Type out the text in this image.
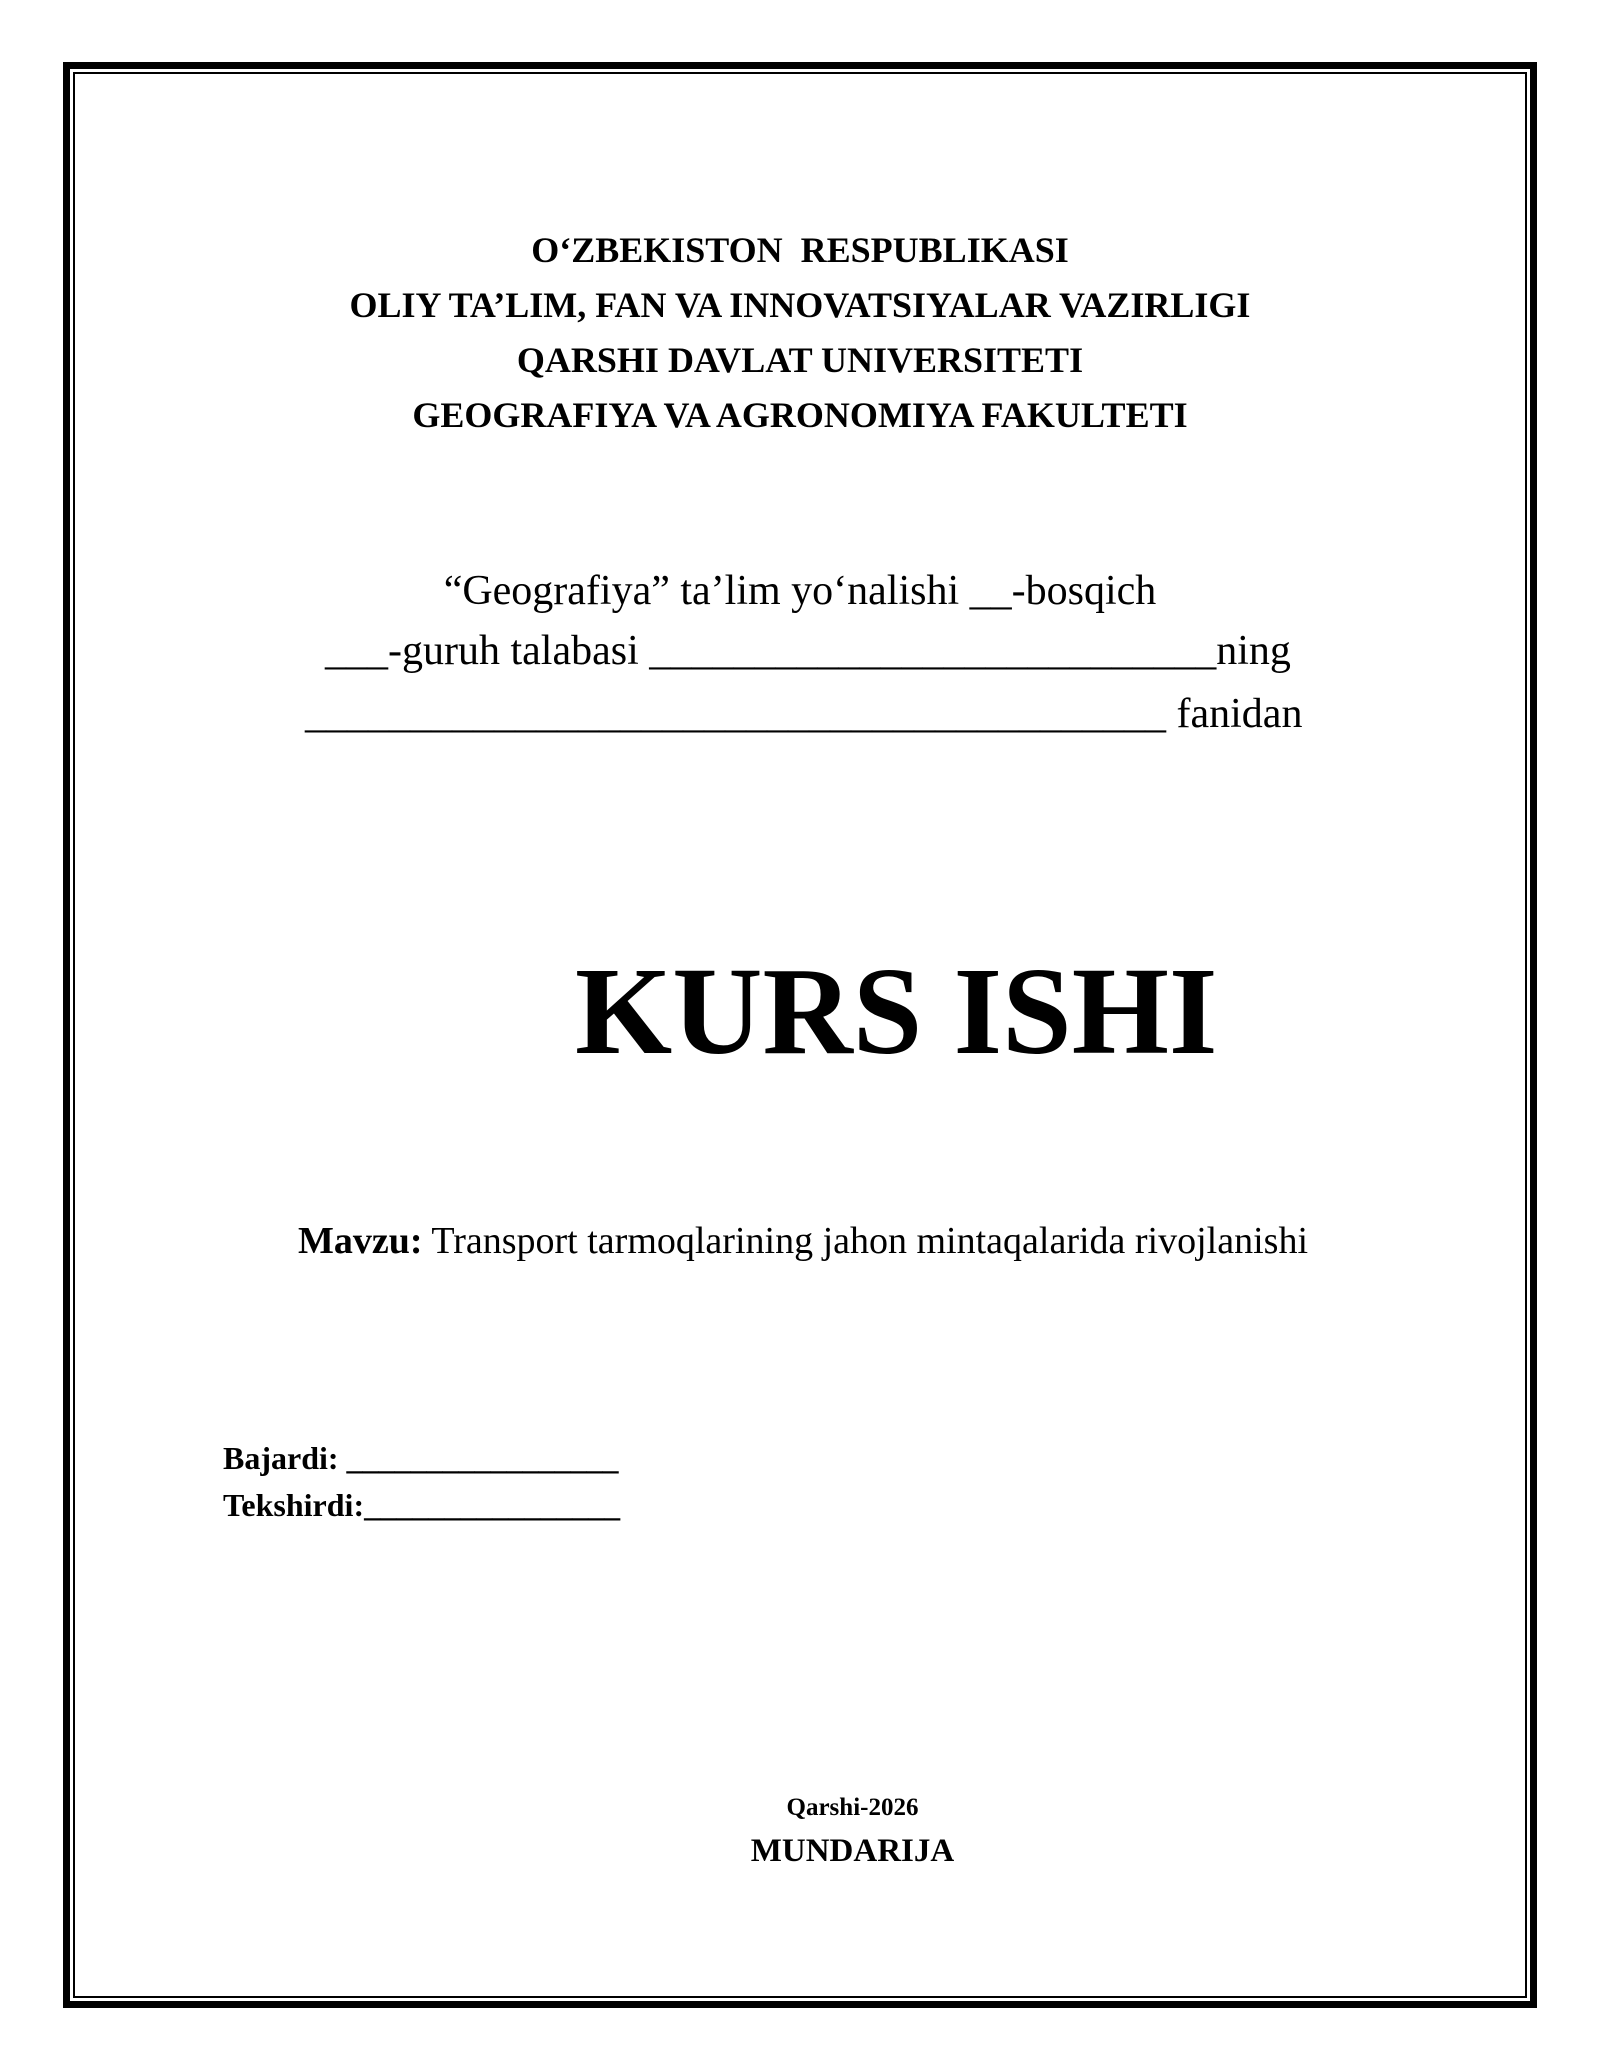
O‘ZBEKISTON  RESPUBLIKASI
OLIY TA’LIM, FAN VA INNOVATSIYALAR VAZIRLIGI
QARSHI DAVLAT UNIVERSITETI
GEOGRAFIYA VA AGRONOMIYA FAKULTETI
“Geografiya” ta’lim yo‘nalishi __-bosqich
___-guruh talabasi ___________________________ning
_________________________________________ fanidan
KURS ISHI
Mavzu: Transport tarmoqlarining jahon mintaqalarida rivojlanishi
Bajardi: _________________
Tekshirdi:________________
Qarshi-2026
MUNDARIJA
